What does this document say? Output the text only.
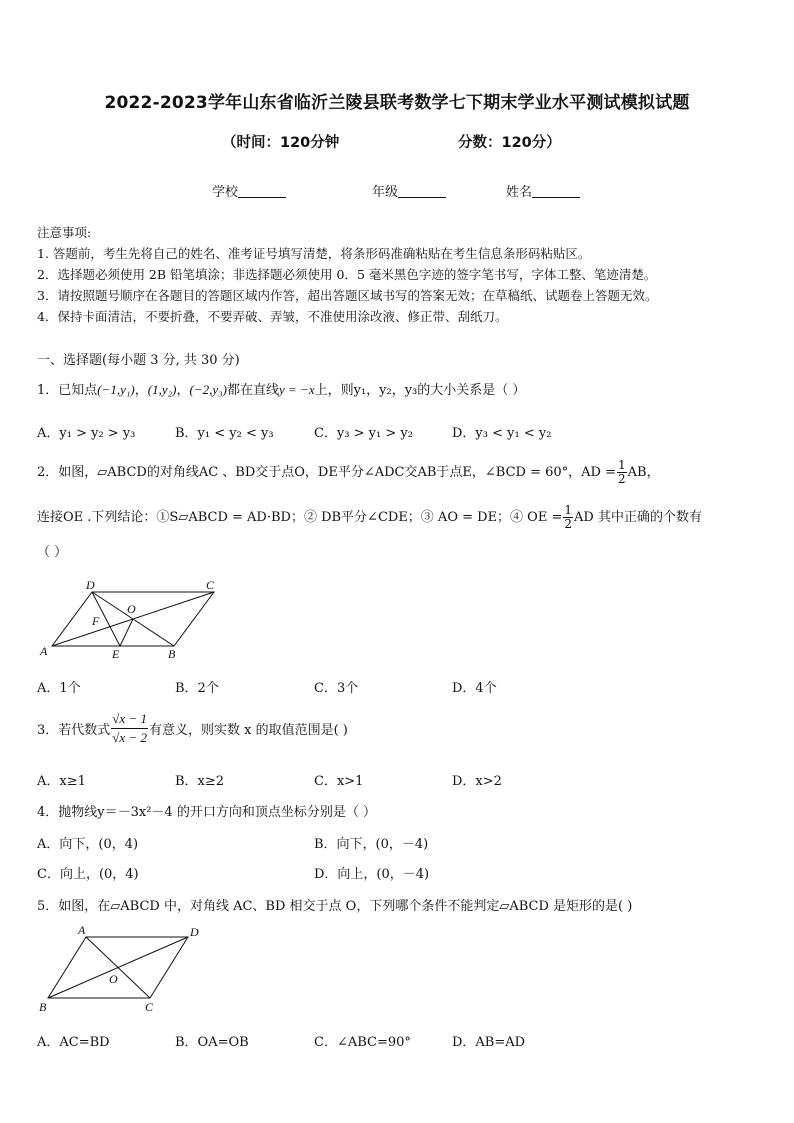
2022-2023学年山东省临沂兰陵县联考数学七下期末学业水平测试模拟试题
（时间：120分钟	分数：120分）
学校	年级	姓名
注意事项:
1. 答题前，考生先将自己的姓名、准考证号填写清楚，将条形码准确粘贴在考生信息条形码粘贴区。
2．选择题必须使用 2B 铅笔填涂；非选择题必须使用 0．5 毫米黑色字迹的签字笔书写，字体工整、笔迹清楚。
3．请按照题号顺序在各题目的答题区域内作答，超出答题区域书写的答案无效；在草稿纸、试题卷上答题无效。
4．保持卡面清洁，不要折叠，不要弄破、弄皱，不准使用涂改液、修正带、刮纸刀。
一、选择题(每小题 3 分, 共 30 分)
1．已知点(−1,y₁)，(1,y₂)，(−2,y₃)都在直线y = −x上，则y₁，y₂，y₃的大小关系是（ ）
A．y₁ > y₂ > y₃	B．y₁ < y₂ < y₃	C．y₃ > y₁ > y₂	D．y₃ < y₁ < y₂
2．如图，▱ABCD的对角线AC 、BD交于点O，DE平分∠ADC交AB于点E，∠BCD = 60°，AD = $\frac{1}{2}$ AB，
连接OE .下列结论：①S▱ABCD = AD·BD；② DB平分∠CDE；③ AO = DE；④ OE = $\frac{1}{2}$ AD 其中正确的个数有
（ ）
D	C
O
F
A	E	B
A．1个	B．2个	C．3个	D．4个
3．若代数式 $\frac{√x - 1}{√x - 2}$ 有意义，则实数 x 的取值范围是( )
A．x≥1	B．x≥2	C．x>1	D．x>2
4．抛物线y＝－3x²－4 的开口方向和顶点坐标分别是（ ）
A．向下，(0，4)	B．向下，(0，－4)
C．向上，(0，4)	D．向上，(0，－4)
5．如图，在▱ABCD 中，对角线 AC、BD 相交于点 O，下列哪个条件不能判定▱ABCD 是矩形的是( )
A	D
O
B	C
A．AC=BD	B．OA=OB	C．∠ABC=90°	D．AB=AD
